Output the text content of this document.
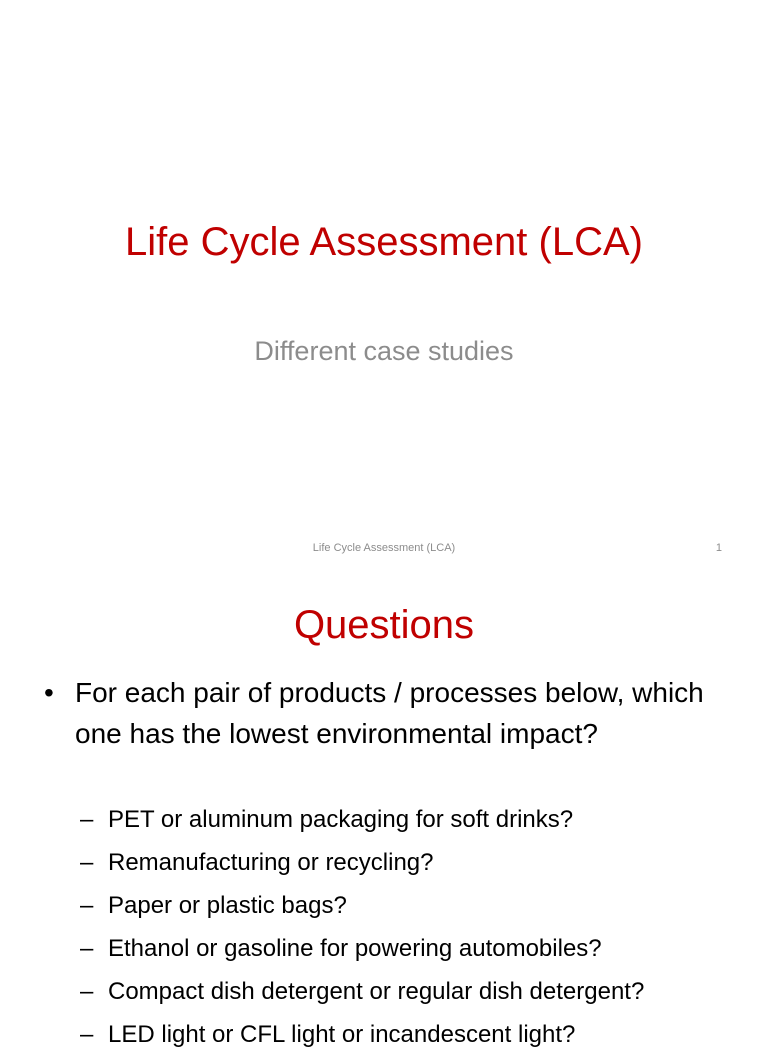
Life Cycle Assessment (LCA)
Different case studies
Life Cycle Assessment (LCA)	1
Questions
• For each pair of products / processes below, which one has the lowest environmental impact?
– PET or aluminum packaging for soft drinks?
– Remanufacturing or recycling?
– Paper or plastic bags?
– Ethanol or gasoline for powering automobiles?
– Compact dish detergent or regular dish detergent?
– LED light or CFL light or incandescent light?
